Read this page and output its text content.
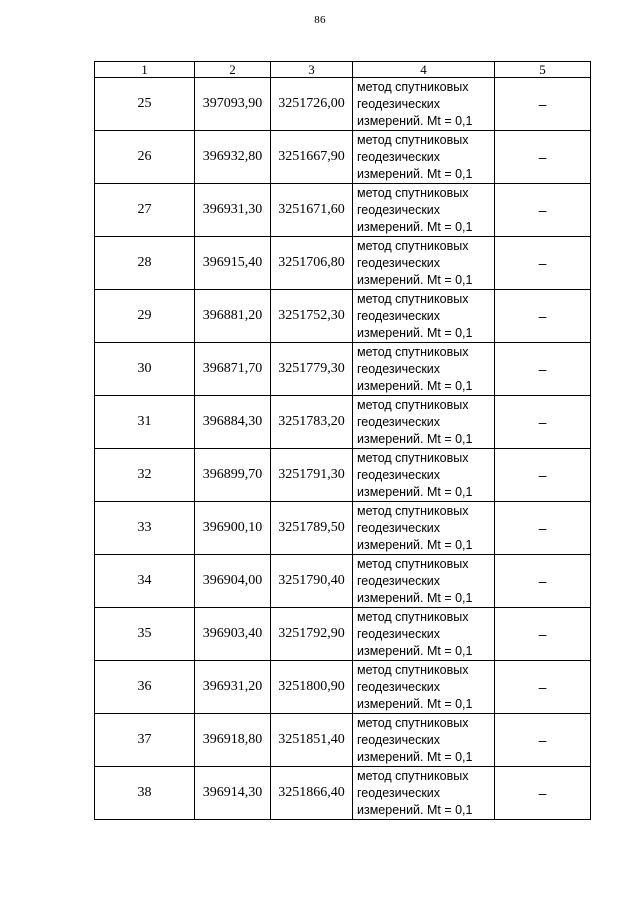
86
1	2	3	4	5
25	397093,90	3251726,00	метод спутниковых
геодезических
измерений. Mt = 0,1	–
26	396932,80	3251667,90	метод спутниковых
геодезических
измерений. Mt = 0,1	–
27	396931,30	3251671,60	метод спутниковых
геодезических
измерений. Mt = 0,1	–
28	396915,40	3251706,80	метод спутниковых
геодезических
измерений. Mt = 0,1	–
29	396881,20	3251752,30	метод спутниковых
геодезических
измерений. Mt = 0,1	–
30	396871,70	3251779,30	метод спутниковых
геодезических
измерений. Mt = 0,1	–
31	396884,30	3251783,20	метод спутниковых
геодезических
измерений. Mt = 0,1	–
32	396899,70	3251791,30	метод спутниковых
геодезических
измерений. Mt = 0,1	–
33	396900,10	3251789,50	метод спутниковых
геодезических
измерений. Mt = 0,1	–
34	396904,00	3251790,40	метод спутниковых
геодезических
измерений. Mt = 0,1	–
35	396903,40	3251792,90	метод спутниковых
геодезических
измерений. Mt = 0,1	–
36	396931,20	3251800,90	метод спутниковых
геодезических
измерений. Mt = 0,1	–
37	396918,80	3251851,40	метод спутниковых
геодезических
измерений. Mt = 0,1	–
38	396914,30	3251866,40	метод спутниковых
геодезических
измерений. Mt = 0,1	–
